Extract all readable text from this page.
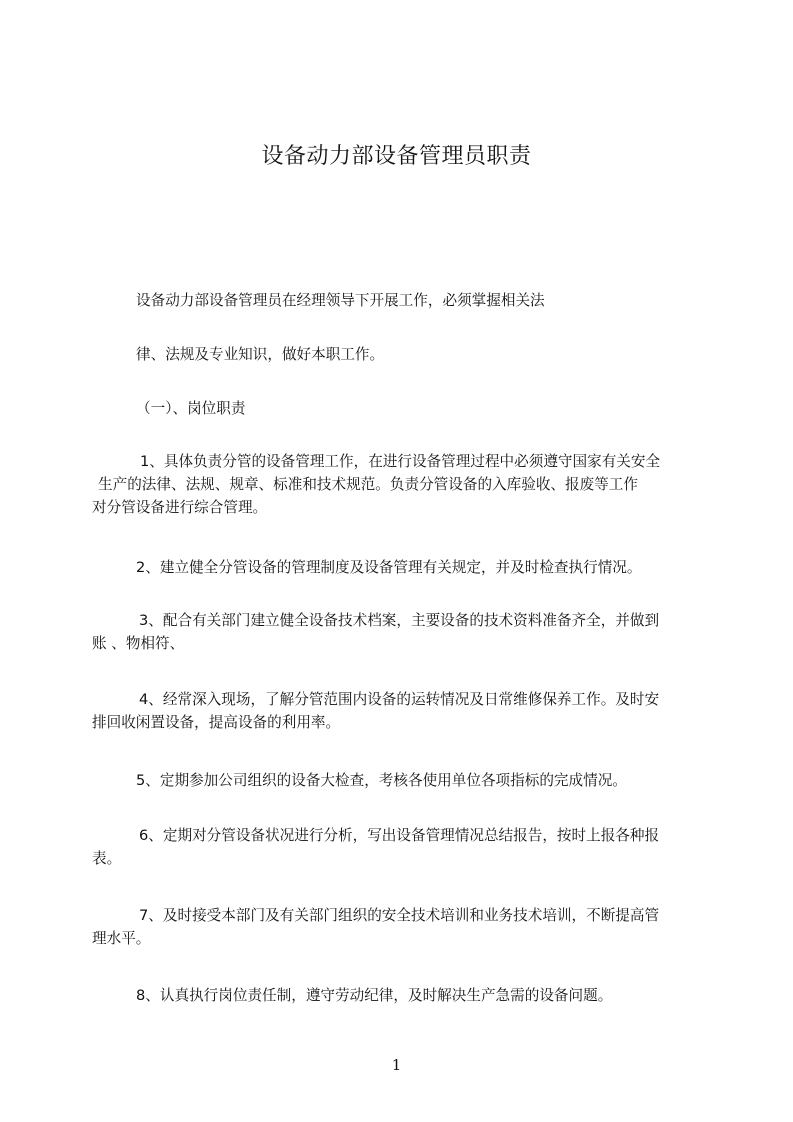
设备动力部设备管理员职责
设备动力部设备管理员在经理领导下开展工作，必须掌握相关法
律、法规及专业知识，做好本职工作。
（一）、岗位职责
1、具体负责分管的设备管理工作，在进行设备管理过程中必须遵守国家有关安全
生产的法律、法规、规章、标准和技术规范。负责分管设备的入库验收、报废等工作
对分管设备进行综合管理。
2、建立健全分管设备的管理制度及设备管理有关规定，并及时检查执行情况。
3、配合有关部门建立健全设备技术档案，主要设备的技术资料准备齐全，并做到
账 、物相符、
4、经常深入现场，了解分管范围内设备的运转情况及日常维修保养工作。及时安
排回收闲置设备，提高设备的利用率。
5、定期参加公司组织的设备大检查，考核各使用单位各项指标的完成情况。
6、定期对分管设备状况进行分析，写出设备管理情况总结报告，按时上报各种报
表。
7、及时接受本部门及有关部门组织的安全技术培训和业务技术培训，不断提高管
理水平。
8、认真执行岗位责任制，遵守劳动纪律，及时解决生产急需的设备问题。
1
